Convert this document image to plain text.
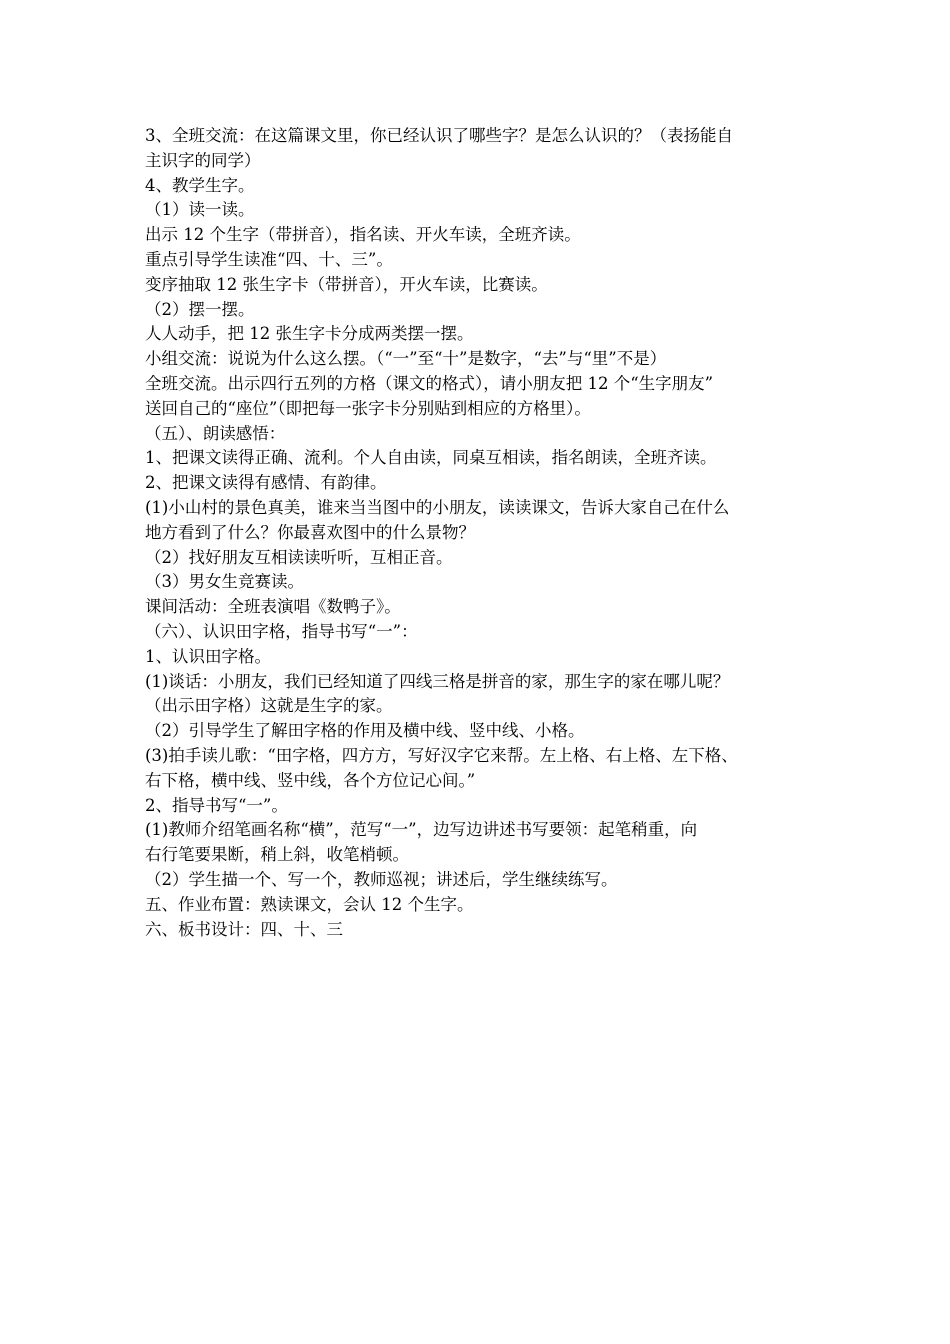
3、全班交流：在这篇课文里，你已经认识了哪些字？是怎么认识的？（表扬能自
主识字的同学）
4、教学生字。
（1）读一读。
出示 12 个生字（带拼音），指名读、开火车读，全班齐读。
重点引导学生读准“四、十、三”。
变序抽取 12 张生字卡（带拼音），开火车读，比赛读。
（2）摆一摆。
人人动手，把 12 张生字卡分成两类摆一摆。
小组交流：说说为什么这么摆。（“一”至“十”是数字，“去”与“里”不是）
全班交流。出示四行五列的方格（课文的格式），请小朋友把 12 个“生字朋友”
送回自己的“座位”（即把每一张字卡分别贴到相应的方格里）。
（五）、朗读感悟：
1、把课文读得正确、流利。个人自由读，同桌互相读，指名朗读，全班齐读。
2、把课文读得有感情、有韵律。
(1)小山村的景色真美，谁来当当图中的小朋友，读读课文，告诉大家自己在什么
地方看到了什么？你最喜欢图中的什么景物？
（2）找好朋友互相读读听听，互相正音。
（3）男女生竞赛读。
课间活动：全班表演唱《数鸭子》。
（六）、认识田字格，指导书写“一”：
1、认识田字格。
(1)谈话：小朋友，我们已经知道了四线三格是拼音的家，那生字的家在哪儿呢？
（出示田字格）这就是生字的家。
（2）引导学生了解田字格的作用及横中线、竖中线、小格。
(3)拍手读儿歌：“田字格，四方方，写好汉字它来帮。左上格、右上格、左下格、
右下格，横中线、竖中线，各个方位记心间。”
2、指导书写“一”。
(1)教师介绍笔画名称“横”，范写“一”，边写边讲述书写要领：起笔稍重，向
右行笔要果断，稍上斜，收笔梢顿。
（2）学生描一个、写一个，教师巡视；讲述后，学生继续练写。
五、作业布置：熟读课文，会认 12 个生字。
六、板书设计：四、十、三
